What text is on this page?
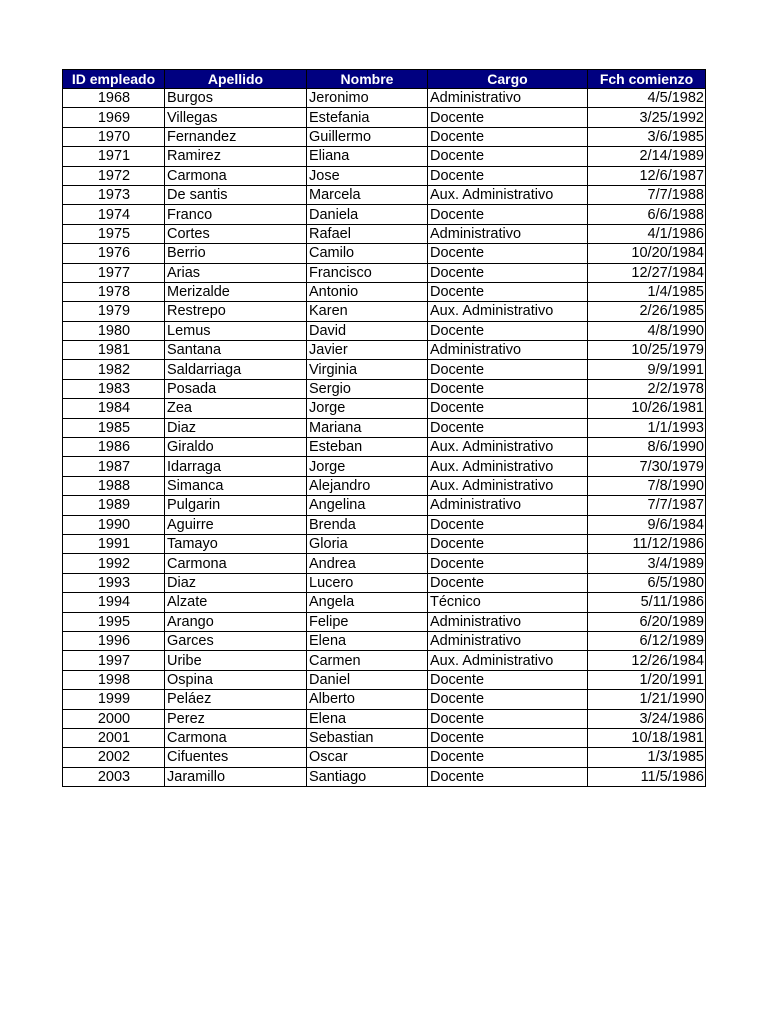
ID empleado	Apellido	Nombre	Cargo	Fch comienzo
1968	Burgos	Jeronimo	Administrativo	4/5/1982
1969	Villegas	Estefania	Docente	3/25/1992
1970	Fernandez	Guillermo	Docente	3/6/1985
1971	Ramirez	Eliana	Docente	2/14/1989
1972	Carmona	Jose	Docente	12/6/1987
1973	De santis	Marcela	Aux. Administrativo	7/7/1988
1974	Franco	Daniela	Docente	6/6/1988
1975	Cortes	Rafael	Administrativo	4/1/1986
1976	Berrio	Camilo	Docente	10/20/1984
1977	Arias	Francisco	Docente	12/27/1984
1978	Merizalde	Antonio	Docente	1/4/1985
1979	Restrepo	Karen	Aux. Administrativo	2/26/1985
1980	Lemus	David	Docente	4/8/1990
1981	Santana	Javier	Administrativo	10/25/1979
1982	Saldarriaga	Virginia	Docente	9/9/1991
1983	Posada	Sergio	Docente	2/2/1978
1984	Zea	Jorge	Docente	10/26/1981
1985	Diaz	Mariana	Docente	1/1/1993
1986	Giraldo	Esteban	Aux. Administrativo	8/6/1990
1987	Idarraga	Jorge	Aux. Administrativo	7/30/1979
1988	Simanca	Alejandro	Aux. Administrativo	7/8/1990
1989	Pulgarin	Angelina	Administrativo	7/7/1987
1990	Aguirre	Brenda	Docente	9/6/1984
1991	Tamayo	Gloria	Docente	11/12/1986
1992	Carmona	Andrea	Docente	3/4/1989
1993	Diaz	Lucero	Docente	6/5/1980
1994	Alzate	Angela	Técnico	5/11/1986
1995	Arango	Felipe	Administrativo	6/20/1989
1996	Garces	Elena	Administrativo	6/12/1989
1997	Uribe	Carmen	Aux. Administrativo	12/26/1984
1998	Ospina	Daniel	Docente	1/20/1991
1999	Peláez	Alberto	Docente	1/21/1990
2000	Perez	Elena	Docente	3/24/1986
2001	Carmona	Sebastian	Docente	10/18/1981
2002	Cifuentes	Oscar	Docente	1/3/1985
2003	Jaramillo	Santiago	Docente	11/5/1986
